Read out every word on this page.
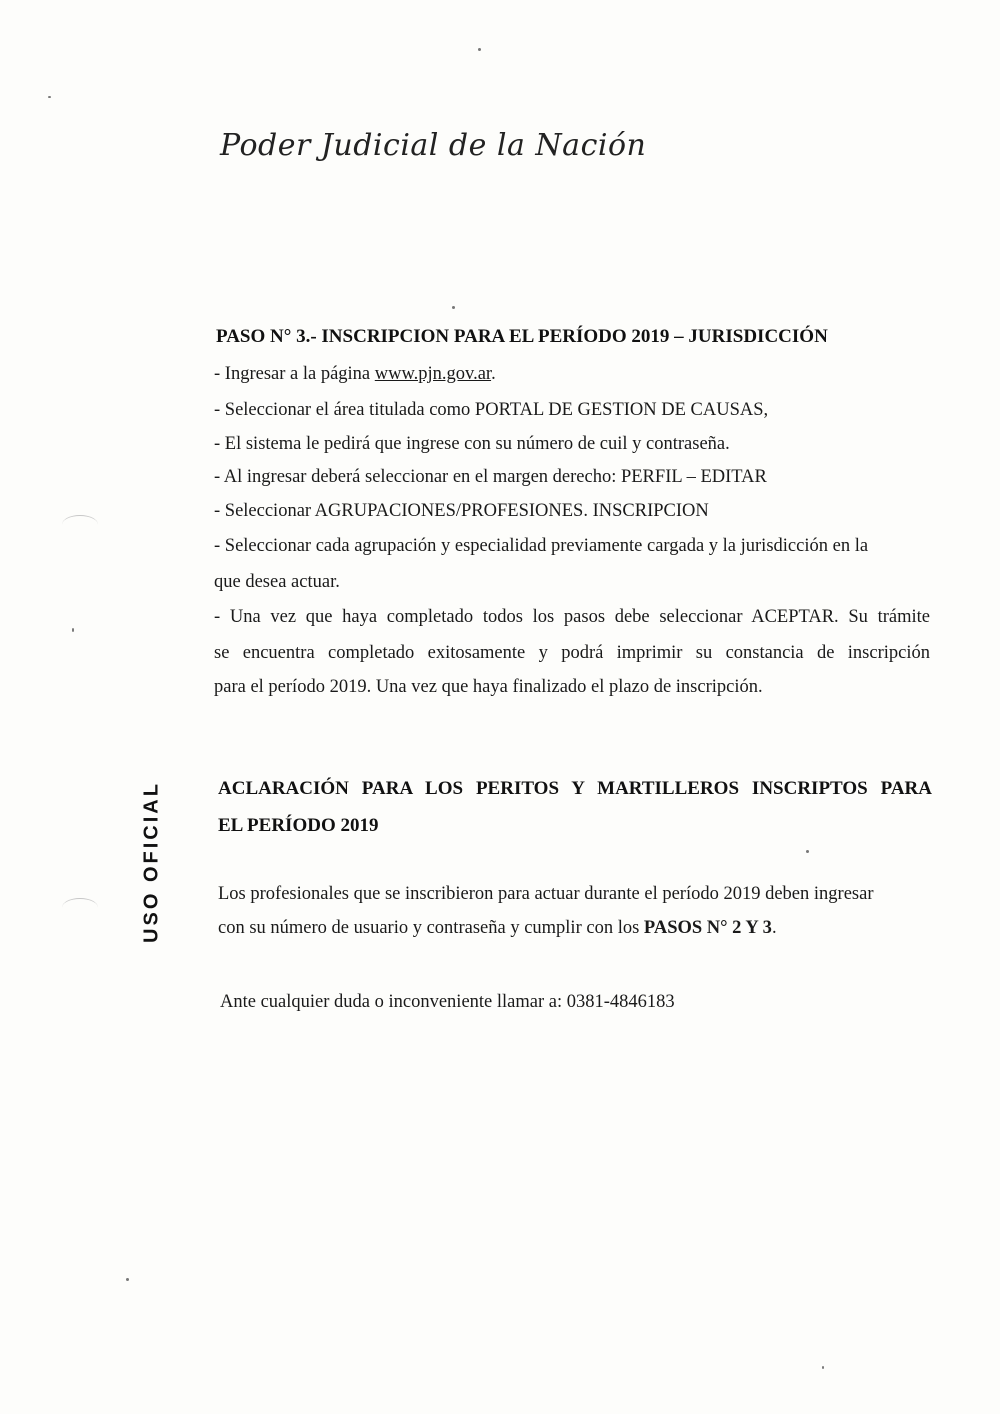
Poder Judicial de la Nación
USO OFICIAL
PASO N° 3.- INSCRIPCION PARA EL PERÍODO 2019 – JURISDICCIÓN
- Ingresar a la página www.pjn.gov.ar.
- Seleccionar el área titulada como PORTAL DE GESTION DE CAUSAS,
- El sistema le pedirá que ingrese con su número de cuil y contraseña.
- Al ingresar deberá seleccionar en el margen derecho: PERFIL – EDITAR
- Seleccionar AGRUPACIONES/PROFESIONES. INSCRIPCION
- Seleccionar cada agrupación y especialidad previamente cargada y la jurisdicción en la
que desea actuar.
- Una vez que haya completado todos los pasos debe seleccionar ACEPTAR. Su trámite
se encuentra completado exitosamente y podrá imprimir su constancia de inscripción
para el período 2019. Una vez que haya finalizado el plazo de inscripción.
ACLARACIÓN PARA LOS PERITOS Y MARTILLEROS INSCRIPTOS PARA
EL PERÍODO 2019
Los profesionales que se inscribieron para actuar durante el período 2019 deben ingresar
con su número de usuario y contraseña y cumplir con los PASOS N° 2 Y 3.
Ante cualquier duda o inconveniente llamar a: 0381-4846183
